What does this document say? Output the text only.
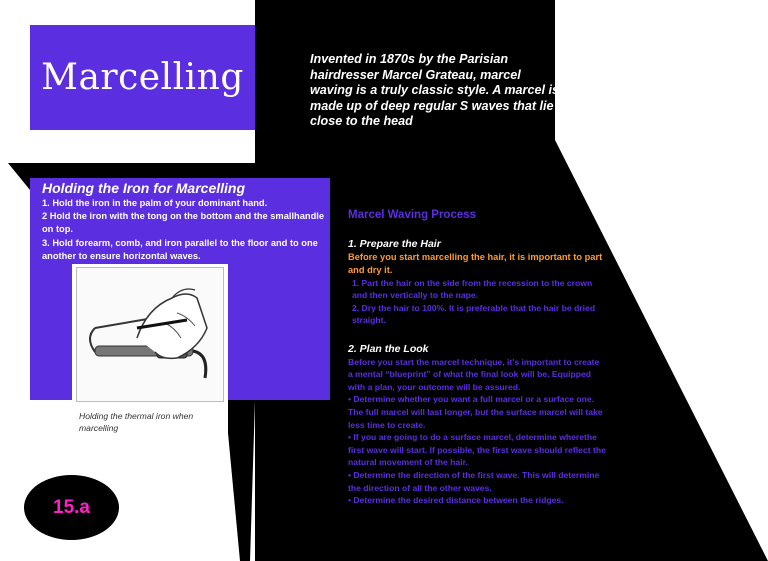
Marcelling	Invented in 1870s by the Parisian hairdresser Marcel Grateau, marcel waving is a truly classic style. A marcel is made up of deep regular S waves that lie close to the head
Holding the Iron for Marcelling
1. Hold the iron in the palm of your dominant hand.
2 Hold the iron with the tong on the bottom and the smallhandle on top.
3. Hold forearm, comb, and iron parallel to the floor and to one another to ensure horizontal waves.
Holding the thermal iron when marcelling
Marcel Waving Process
1. Prepare the Hair
Before you start marcelling the hair, it is important to part and dry it.
1. Part the hair on the side from the recession to the crown and then vertically to the nape.
2. Dry the hair to 100%. It is preferable that the hair be dried straight.
2. Plan the Look
Before you start the marcel technique, it's important to create a mental “blueprint” of what the final look will be. Equipped with a plan, your outcome will be assured.
• Determine whether you want a full marcel or a surface one. The full marcel will last longer, but the surface marcel will take less time to create.
• If you are going to do a surface marcel, determine wherethe first wave will start. If possible, the first wave should reflect the natural movement of the hair.
• Determine the direction of the first wave. This will determine the direction of all the other waves.
• Determine the desired distance between the ridges.
15.a
